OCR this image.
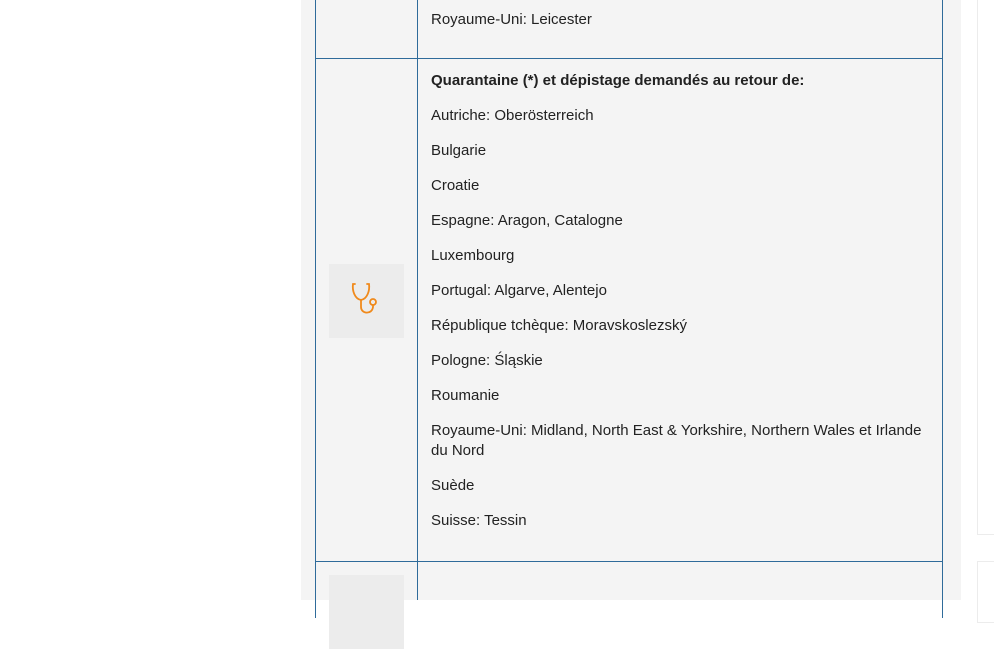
Royaume-Uni: Leicester
Quarantaine (*) et dépistage demandés au retour de:
Autriche: Oberösterreich
Bulgarie
Croatie
Espagne: Aragon, Catalogne
Luxembourg
Portugal: Algarve, Alentejo
République tchèque: Moravskoslezský
Pologne: Śląskie
Roumanie
Royaume-Uni: Midland, North East & Yorkshire, Northern Wales et Irlande du Nord
Suède
Suisse: Tessin
